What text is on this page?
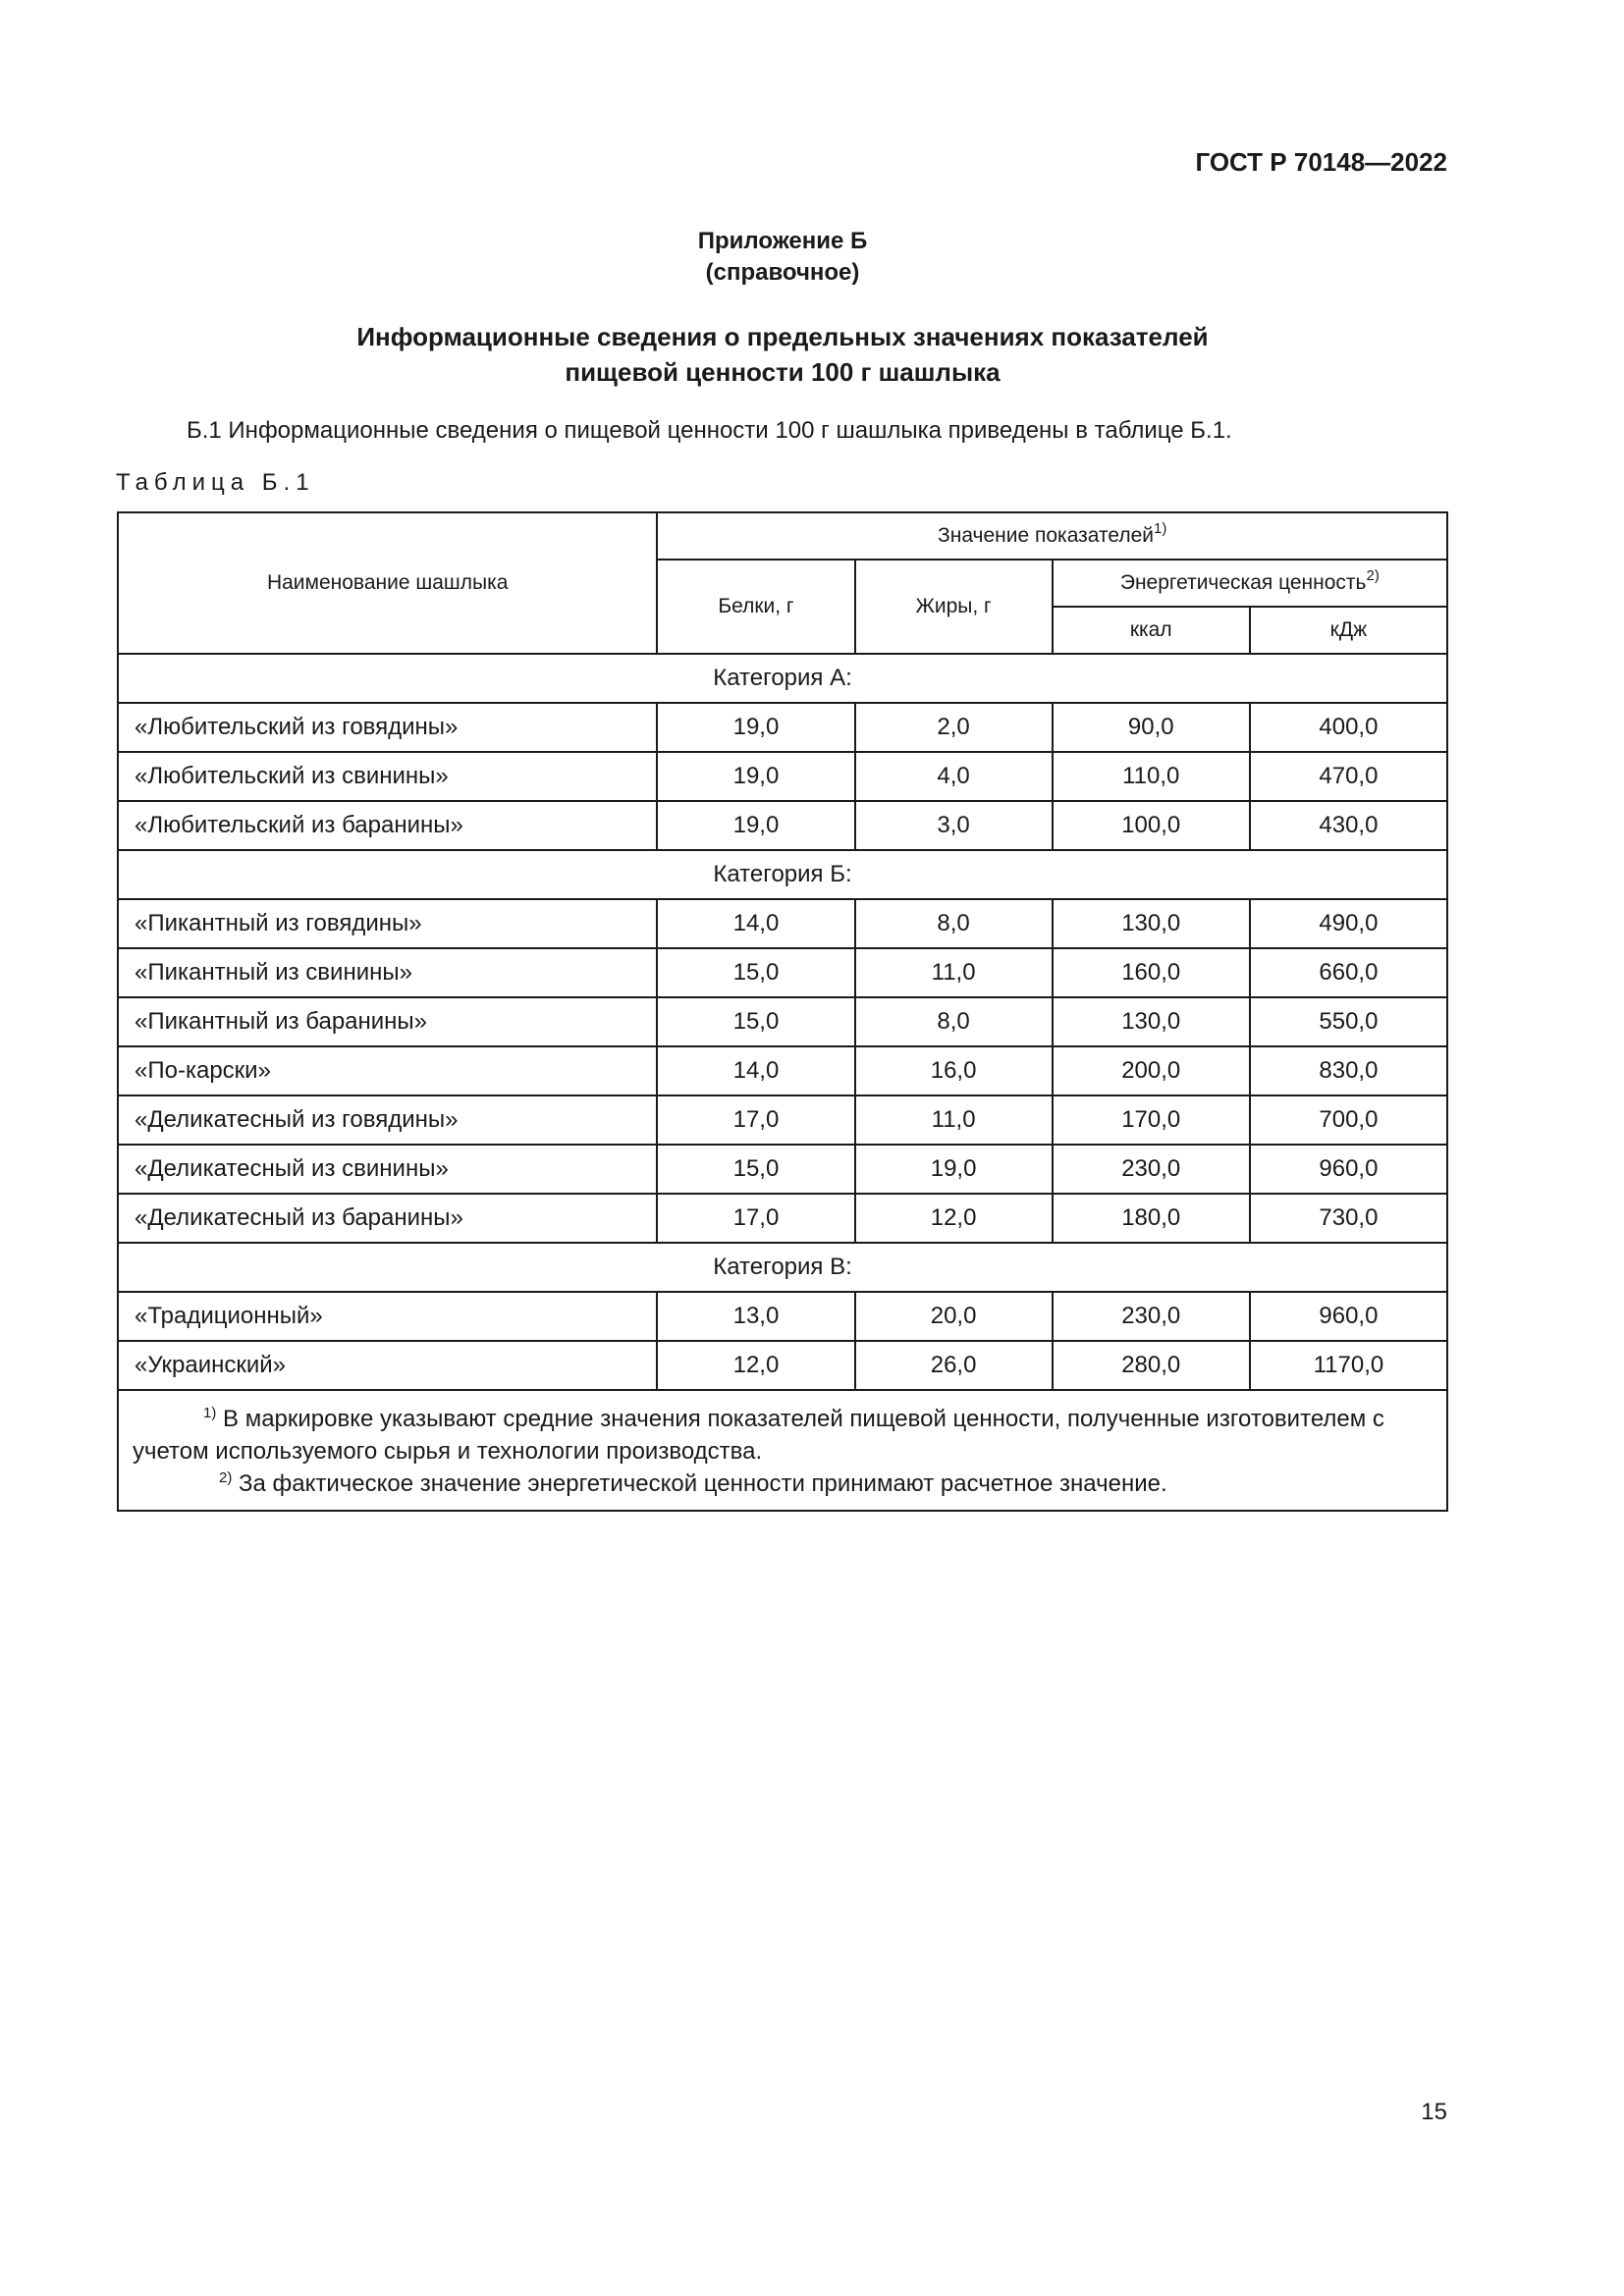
ГОСТ Р 70148—2022
Приложение Б
(справочное)
Информационные сведения о предельных значениях показателей
пищевой ценности 100 г шашлыка
Б.1 Информационные сведения о пищевой ценности 100 г шашлыка приведены в таблице Б.1.
Таблица Б.1
Наименование шашлыка	Значение показателей$^{1)}$
	Белки, г	Жиры, г	Энергетическая ценность$^{2)}$
			ккал	кДж
Категория А:				
«Любительский из говядины»	19,0	2,0	90,0	400,0
«Любительский из свинины»	19,0	4,0	110,0	470,0
«Любительский из баранины»	19,0	3,0	100,0	430,0
Категория Б:				
«Пикантный из говядины»	14,0	8,0	130,0	490,0
«Пикантный из свинины»	15,0	11,0	160,0	660,0
«Пикантный из баранины»	15,0	8,0	130,0	550,0
«По-карски»	14,0	16,0	200,0	830,0
«Деликатесный из говядины»	17,0	11,0	170,0	700,0
«Деликатесный из свинины»	15,0	19,0	230,0	960,0
«Деликатесный из баранины»	17,0	12,0	180,0	730,0
Категория В:				
«Традиционный»	13,0	20,0	230,0	960,0
«Украинский»	12,0	26,0	280,0	1170,0

$^{1)}$ В маркировке указывают средние значения показателей пищевой ценности, полученные изготовителем с учетом используемого сырья и технологии производства.
$^{2)}$ За фактическое значение энергетической ценности принимают расчетное значение.				
15
